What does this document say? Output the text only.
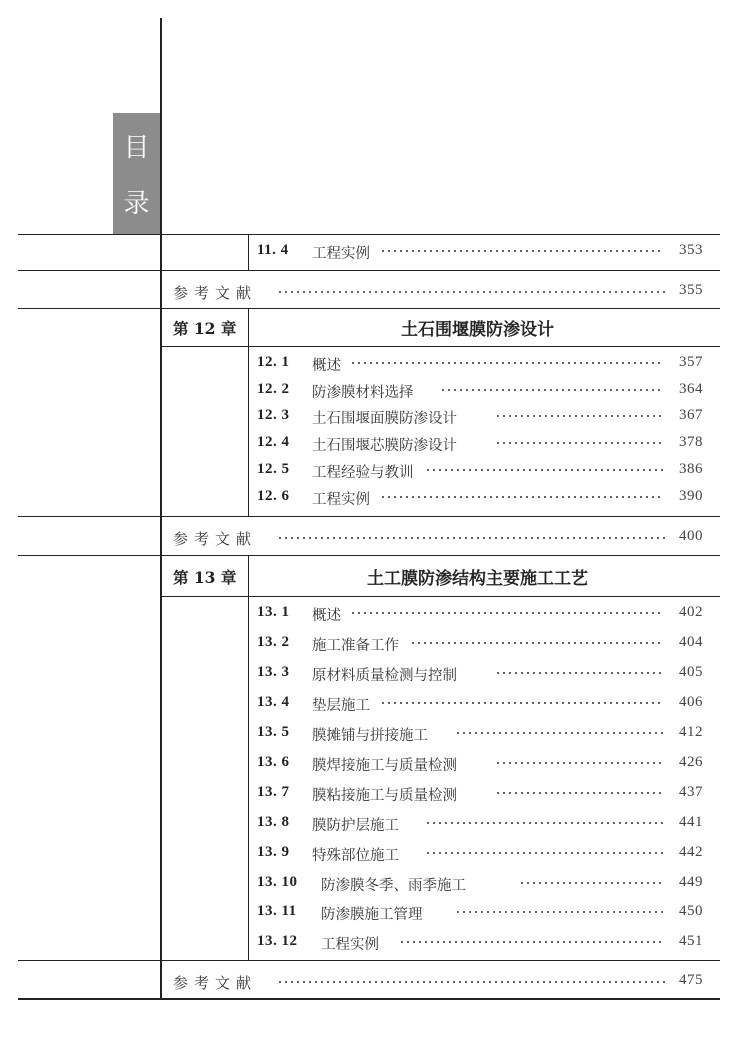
目
录
11. 4 工程实例	353
参考文献	355
第 12 章	土石围堰膜防渗设计
12. 1 概述	357
12. 2 防渗膜材料选择	364
12. 3 土石围堰面膜防渗设计	367
12. 4 土石围堰芯膜防渗设计	378
12. 5 工程经验与教训	386
12. 6 工程实例	390
参考文献	400
第 13 章	土工膜防渗结构主要施工工艺
13. 1 概述	402
13. 2 施工准备工作	404
13. 3 原材料质量检测与控制	405
13. 4 垫层施工	406
13. 5 膜摊铺与拼接施工	412
13. 6 膜焊接施工与质量检测	426
13. 7 膜粘接施工与质量检测	437
13. 8 膜防护层施工	441
13. 9 特殊部位施工	442
13. 10 防渗膜冬季、雨季施工	449
13. 11 防渗膜施工管理	450
13. 12 工程实例	451
参考文献	475
